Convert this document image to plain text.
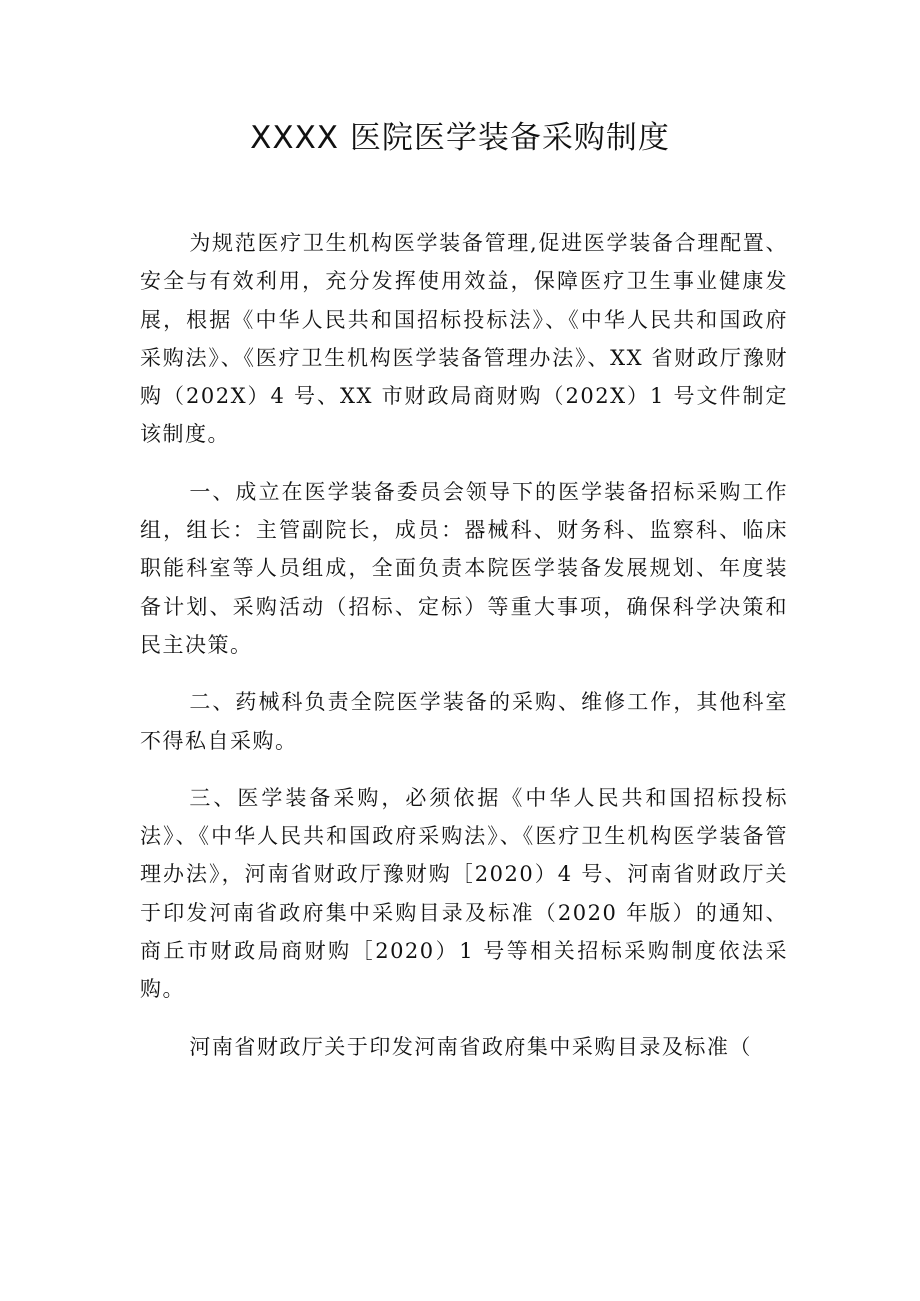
XXXX 医院医学装备采购制度

为规范医疗卫生机构医学装备管理,促进医学装备合理配置、安全与有效利用，充分发挥使用效益，保障医疗卫生事业健康发展，根据《中华人民共和国招标投标法》、《中华人民共和国政府采购法》、《医疗卫生机构医学装备管理办法》、XX 省财政厅豫财购（202X）4 号、XX 市财政局商财购（202X）1 号文件制定该制度。

一、成立在医学装备委员会领导下的医学装备招标采购工作组，组长：主管副院长，成员：器械科、财务科、监察科、临床职能科室等人员组成，全面负责本院医学装备发展规划、年度装备计划、采购活动（招标、定标）等重大事项，确保科学决策和民主决策。

二、药械科负责全院医学装备的采购、维修工作，其他科室不得私自采购。

三、医学装备采购，必须依据《中华人民共和国招标投标法》、《中华人民共和国政府采购法》、《医疗卫生机构医学装备管理办法》，河南省财政厅豫财购［2020）4 号、河南省财政厅关于印发河南省政府集中采购目录及标准（2020 年版）的通知、商丘市财政局商财购［2020）1 号等相关招标采购制度依法采购。

河南省财政厅关于印发河南省政府集中采购目录及标准（
